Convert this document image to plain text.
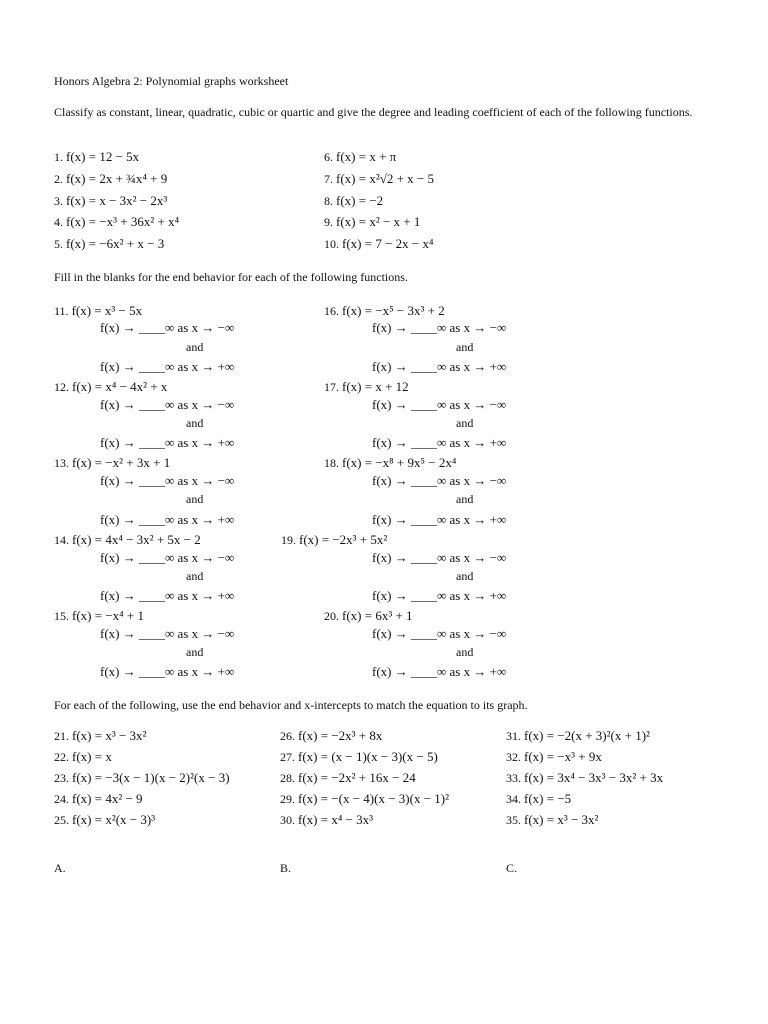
Honors Algebra 2: Polynomial graphs worksheet
Classify as constant, linear, quadratic, cubic or quartic and give the degree and leading coefficient of each of the following functions.
1. f(x) = 12 − 5x
2. f(x) = 2x + ¾x⁴ + 9
3. f(x) = x − 3x² − 2x³
4. f(x) = −x³ + 36x² + x⁴
5. f(x) = −6x² + x − 3
6. f(x) = x + π
7. f(x) = x²√2 + x − 5
8. f(x) = −2
9. f(x) = x² − x + 1
10. f(x) = 7 − 2x − x⁴
Fill in the blanks for the end behavior for each of the following functions.
11. f(x) = x³ − 5x
f(x) → ____∞ as x → −∞
and
f(x) → ____∞ as x → +∞
12. f(x) = x⁴ − 4x² + x
f(x) → ____∞ as x → −∞
and
f(x) → ____∞ as x → +∞
13. f(x) = −x² + 3x + 1
f(x) → ____∞ as x → −∞
and
f(x) → ____∞ as x → +∞
14. f(x) = 4x⁴ − 3x² + 5x − 2
f(x) → ____∞ as x → −∞
and
f(x) → ____∞ as x → +∞
15. f(x) = −x⁴ + 1
f(x) → ____∞ as x → −∞
and
f(x) → ____∞ as x → +∞
16. f(x) = −x⁵ − 3x³ + 2
f(x) → ____∞ as x → −∞
and
f(x) → ____∞ as x → +∞
17. f(x) = x + 12
f(x) → ____∞ as x → −∞
and
f(x) → ____∞ as x → +∞
18. f(x) = −x⁸ + 9x⁵ − 2x⁴
f(x) → ____∞ as x → −∞
and
f(x) → ____∞ as x → +∞
19. f(x) = −2x³ + 5x²
f(x) → ____∞ as x → −∞
and
f(x) → ____∞ as x → +∞
20. f(x) = 6x³ + 1
f(x) → ____∞ as x → −∞
and
f(x) → ____∞ as x → +∞
For each of the following, use the end behavior and x-intercepts to match the equation to its graph.
21. f(x) = x³ − 3x²
22. f(x) = x
23. f(x) = −3(x − 1)(x − 2)²(x − 3)
24. f(x) = 4x² − 9
25. f(x) = x²(x − 3)³
26. f(x) = −2x³ + 8x
27. f(x) = (x − 1)(x − 3)(x − 5)
28. f(x) = −2x² + 16x − 24
29. f(x) = −(x − 4)(x − 3)(x − 1)²
30. f(x) = x⁴ − 3x³
31. f(x) = −2(x + 3)²(x + 1)²
32. f(x) = −x³ + 9x
33. f(x) = 3x⁴ − 3x³ − 3x² + 3x
34. f(x) = −5
35. f(x) = x³ − 3x²
A.	B.	C.
